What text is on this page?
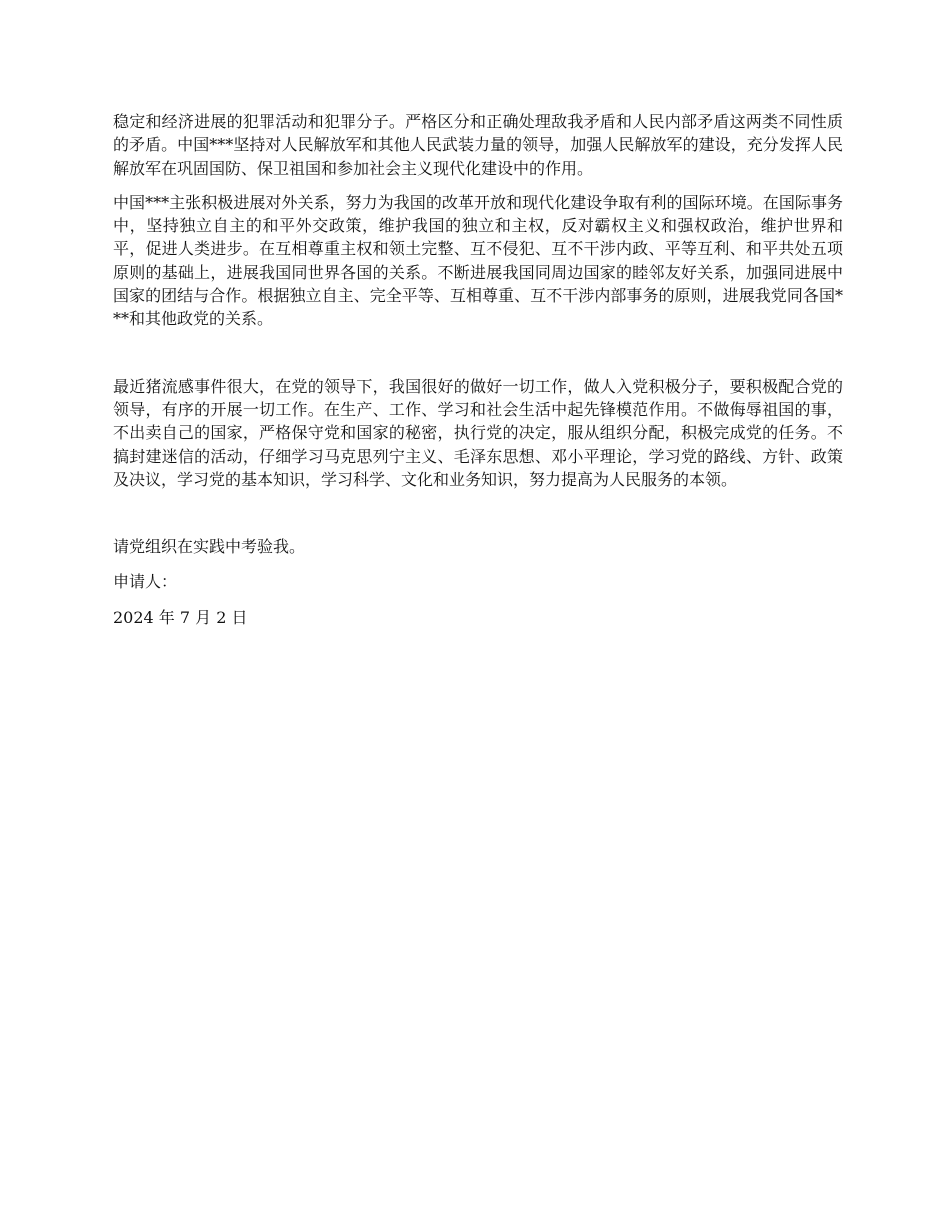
稳定和经济进展的犯罪活动和犯罪分子。严格区分和正确处理敌我矛盾和人民内部矛盾这两类不同性质的矛盾。中国***坚持对人民解放军和其他人民武装力量的领导，加强人民解放军的建设，充分发挥人民解放军在巩固国防、保卫祖国和参加社会主义现代化建设中的作用。

中国***主张积极进展对外关系，努力为我国的改革开放和现代化建设争取有利的国际环境。在国际事务中，坚持独立自主的和平外交政策，维护我国的独立和主权，反对霸权主义和强权政治，维护世界和平，促进人类进步。在互相尊重主权和领土完整、互不侵犯、互不干涉内政、平等互利、和平共处五项原则的基础上，进展我国同世界各国的关系。不断进展我国同周边国家的睦邻友好关系，加强同进展中国家的团结与合作。根据独立自主、完全平等、互相尊重、互不干涉内部事务的原则，进展我党同各国***和其他政党的关系。

最近猪流感事件很大，在党的领导下，我国很好的做好一切工作，做人入党积极分子，要积极配合党的领导，有序的开展一切工作。在生产、工作、学习和社会生活中起先锋模范作用。不做侮辱祖国的事，不出卖自己的国家，严格保守党和国家的秘密，执行党的决定，服从组织分配，积极完成党的任务。不搞封建迷信的活动，仔细学习马克思列宁主义、毛泽东思想、邓小平理论，学习党的路线、方针、政策及决议，学习党的基本知识，学习科学、文化和业务知识，努力提高为人民服务的本领。

请党组织在实践中考验我。

申请人：

2024 年 7 月 2 日
